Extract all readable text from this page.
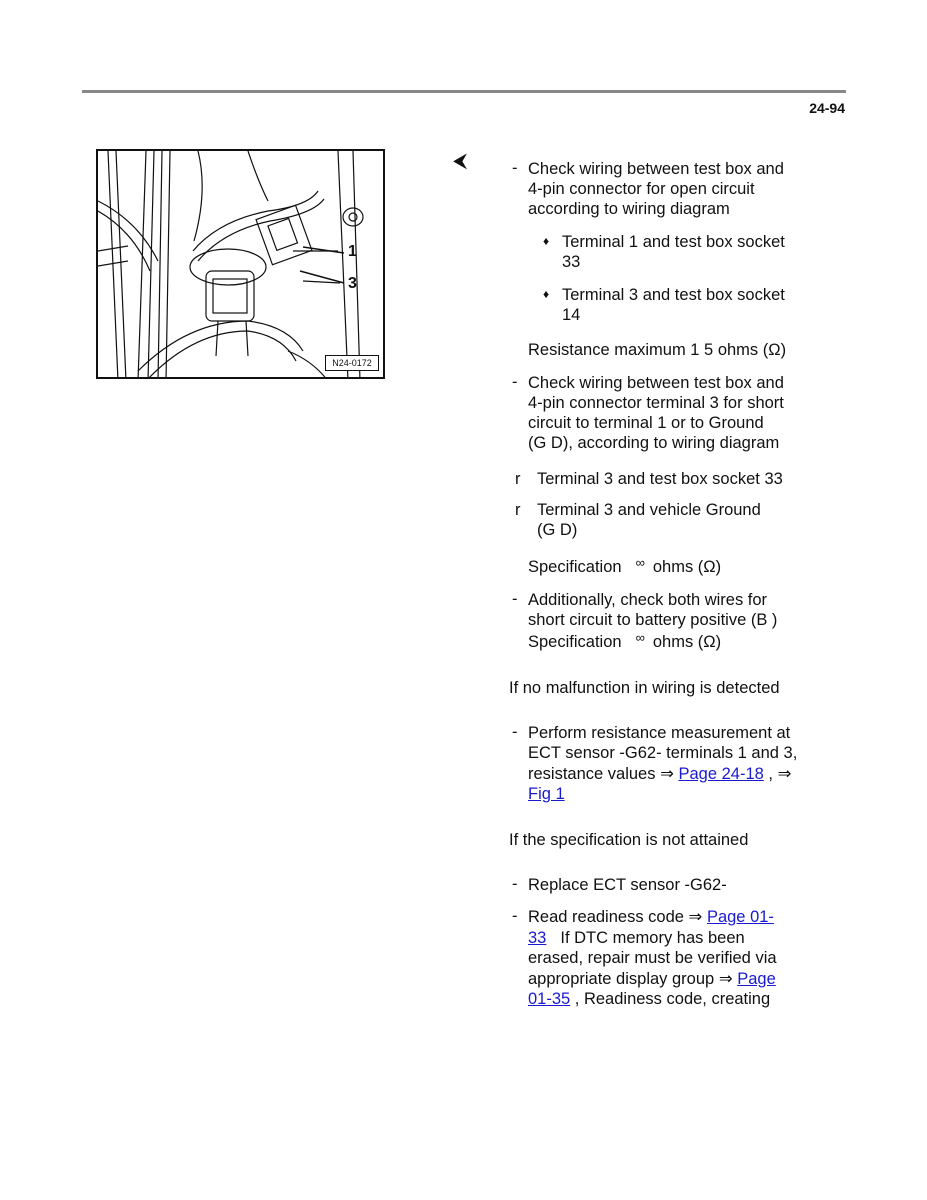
24-94
1
3
N24-0172
⮜	- Check wiring between test box and
4-pin connector for open circuit
according to wiring diagram
♦ Terminal 1 and test box socket
33
♦ Terminal 3 and test box socket
14
Resistance maximum 1 5 ohms (Ω)
- Check wiring between test box and
4-pin connector terminal 3 for short
circuit to terminal 1 or to Ground
(G D), according to wiring diagram
r Terminal 3 and test box socket 33
r Terminal 3 and vehicle Ground
(G D)
Specification ∞ ohms (Ω)
- Additionally, check both wires for
short circuit to battery positive (B )
Specification ∞ ohms (Ω)
If no malfunction in wiring is detected
- Perform resistance measurement at
ECT sensor -G62- terminals 1 and 3,
resistance values ⇒ Page 24-18 , ⇒
Fig 1
If the specification is not attained
- Replace ECT sensor -G62-
- Read readiness code ⇒ Page 01-
33 If DTC memory has been
erased, repair must be verified via
appropriate display group ⇒ Page
01-35 , Readiness code, creating
